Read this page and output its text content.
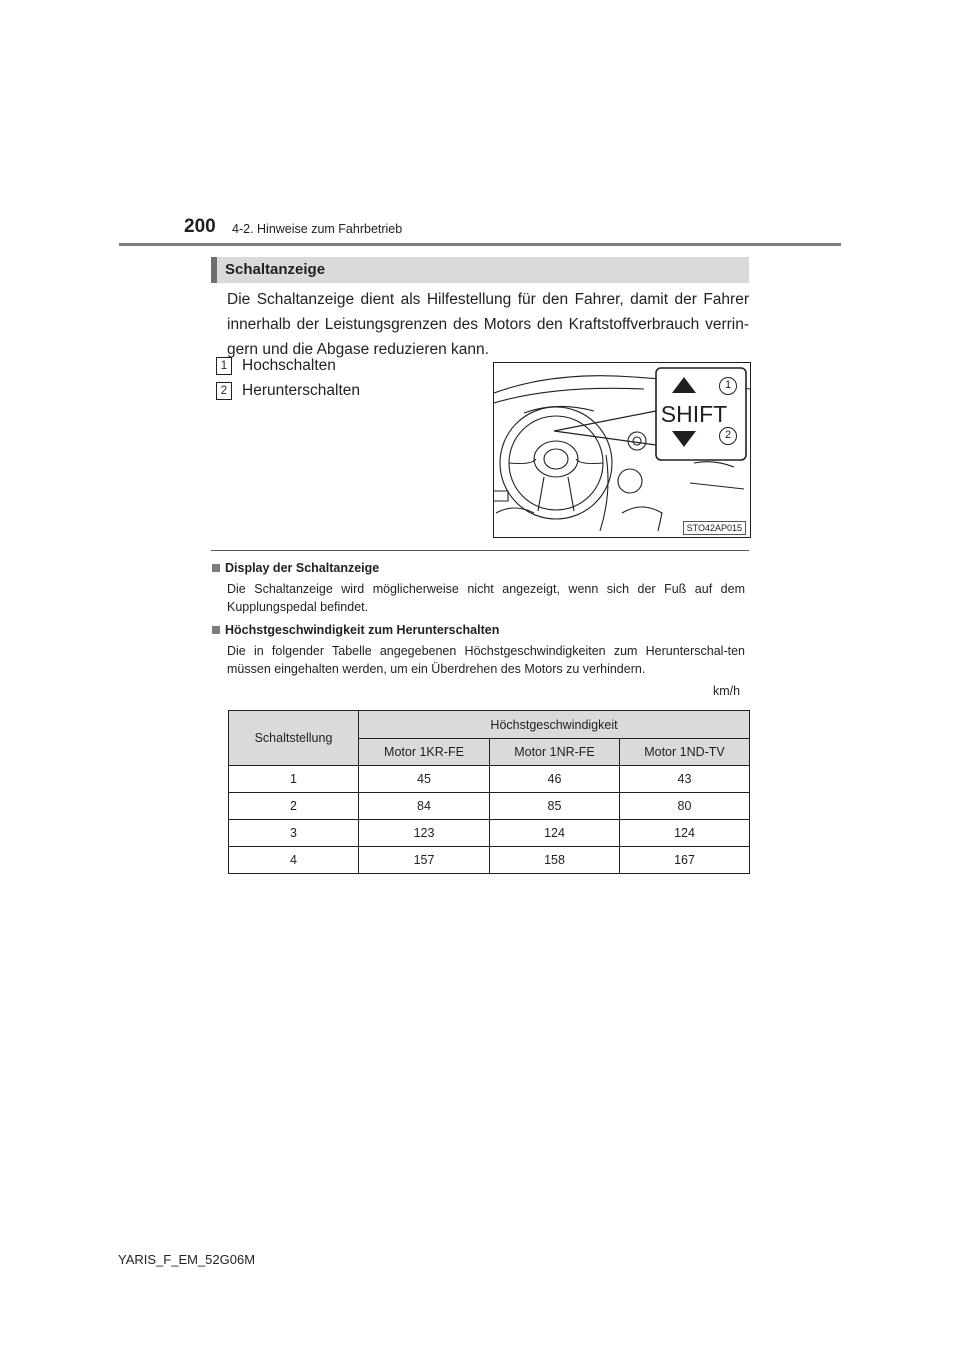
200 4-2. Hinweise zum Fahrbetrieb
Schaltanzeige
Die Schaltanzeige dient als Hilfestellung für den Fahrer, damit der Fahrer innerhalb der Leistungsgrenzen des Motors den Kraftstoffverbrauch verrin-gern und die Abgase reduzieren kann.
1 Hochschalten
2 Herunterschalten
SHIFT
1
2
STO42AP015
Display der Schaltanzeige
Die Schaltanzeige wird möglicherweise nicht angezeigt, wenn sich der Fuß auf dem Kupplungspedal befindet.
Höchstgeschwindigkeit zum Herunterschalten
Die in folgender Tabelle angegebenen Höchstgeschwindigkeiten zum Herunterschal-ten müssen eingehalten werden, um ein Überdrehen des Motors zu verhindern.
km/h
Schaltstellung	Höchstgeschwindigkeit		
	Motor 1KR-FE	Motor 1NR-FE	Motor 1ND-TV
1	45	46	43
2	84	85	80
3	123	124	124
4	157	158	167
YARIS_F_EM_52G06M
